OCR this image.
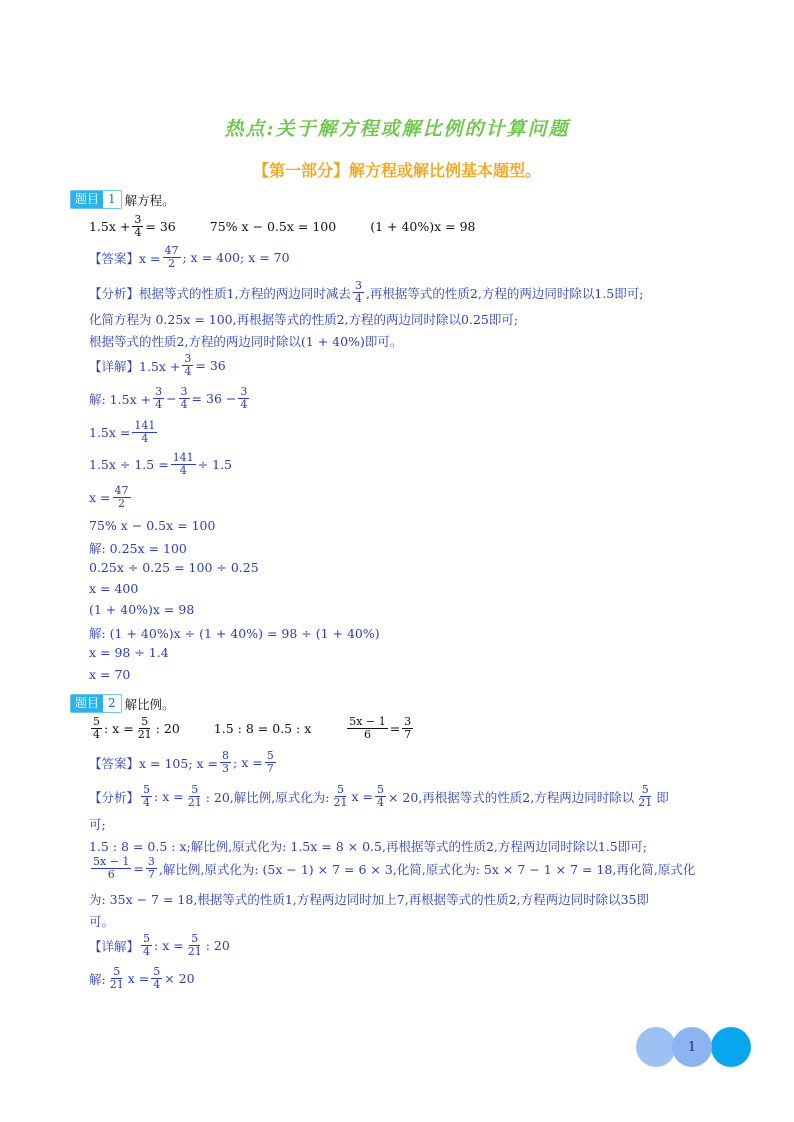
热点:关于解方程或解比例的计算问题
【第一部分】解方程或解比例基本题型。
题目 1 解方程。
$1.5x + \frac{3}{4} = 36$	75% x − 0.5x = 100	(1 + 40%)x = 98
【答案】$x = \frac{47}{2}$ ; x = 400; x = 70
【分析】根据等式的性质1,方程的两边同时减去 $\frac{3}{4}$ ,再根据等式的性质2,方程的两边同时除以1.5即可;
化简方程为 0.25x = 100,再根据等式的性质2,方程的两边同时除以0.25即可;
根据等式的性质2,方程的两边同时除以(1 + 40%)即可。
【详解】$1.5x + \frac{3}{4} = 36$
解: $1.5x + \frac{3}{4} - \frac{3}{4} = 36 - \frac{3}{4}$
$1.5x = \frac{141}{4}$
$1.5x \div 1.5 = \frac{141}{4} \div 1.5$
$x = \frac{47}{2}$
75% x − 0.5x = 100
解: 0.25x = 100
0.25x ÷ 0.25 = 100 ÷ 0.25
x = 400
(1 + 40%)x = 98
解: (1 + 40%)x ÷ (1 + 40%) = 98 ÷ (1 + 40%)
x = 98 ÷ 1.4
x = 70
题目 2 解比例。
$\frac{5}{4}$ : $x = \frac{5}{21}$ : 20	1.5 : 8 = 0.5 : x	$\frac{5x - 1}{6} = \frac{3}{7}$
【答案】x = 105; $x = \frac{8}{3}$ ; $x = \frac{5}{7}$
【分析】 $\frac{5}{4}$ : $x = \frac{5}{21}$ : 20,解比例,原式化为: $\frac{5}{21}$ $x = \frac{5}{4} \times 20$,再根据等式的性质2,方程两边同时除以 $\frac{5}{21}$ 即
可;
1.5 : 8 = 0.5 : x;解比例,原式化为: 1.5x = 8 × 0.5,再根据等式的性质2,方程两边同时除以1.5即可;
$\frac{5x - 1}{6} = \frac{3}{7}$ ,解比例,原式化为: (5x − 1) × 7 = 6 × 3,化简,原式化为: 5x × 7 − 1 × 7 = 18,再化简,原式化
为: 35x − 7 = 18,根据等式的性质1,方程两边同时加上7,再根据等式的性质2,方程两边同时除以35即
可。
【详解】 $\frac{5}{4}$ : $x = \frac{5}{21}$ : 20
解: $\frac{5}{21}$ $x = \frac{5}{4} \times 20$
1
